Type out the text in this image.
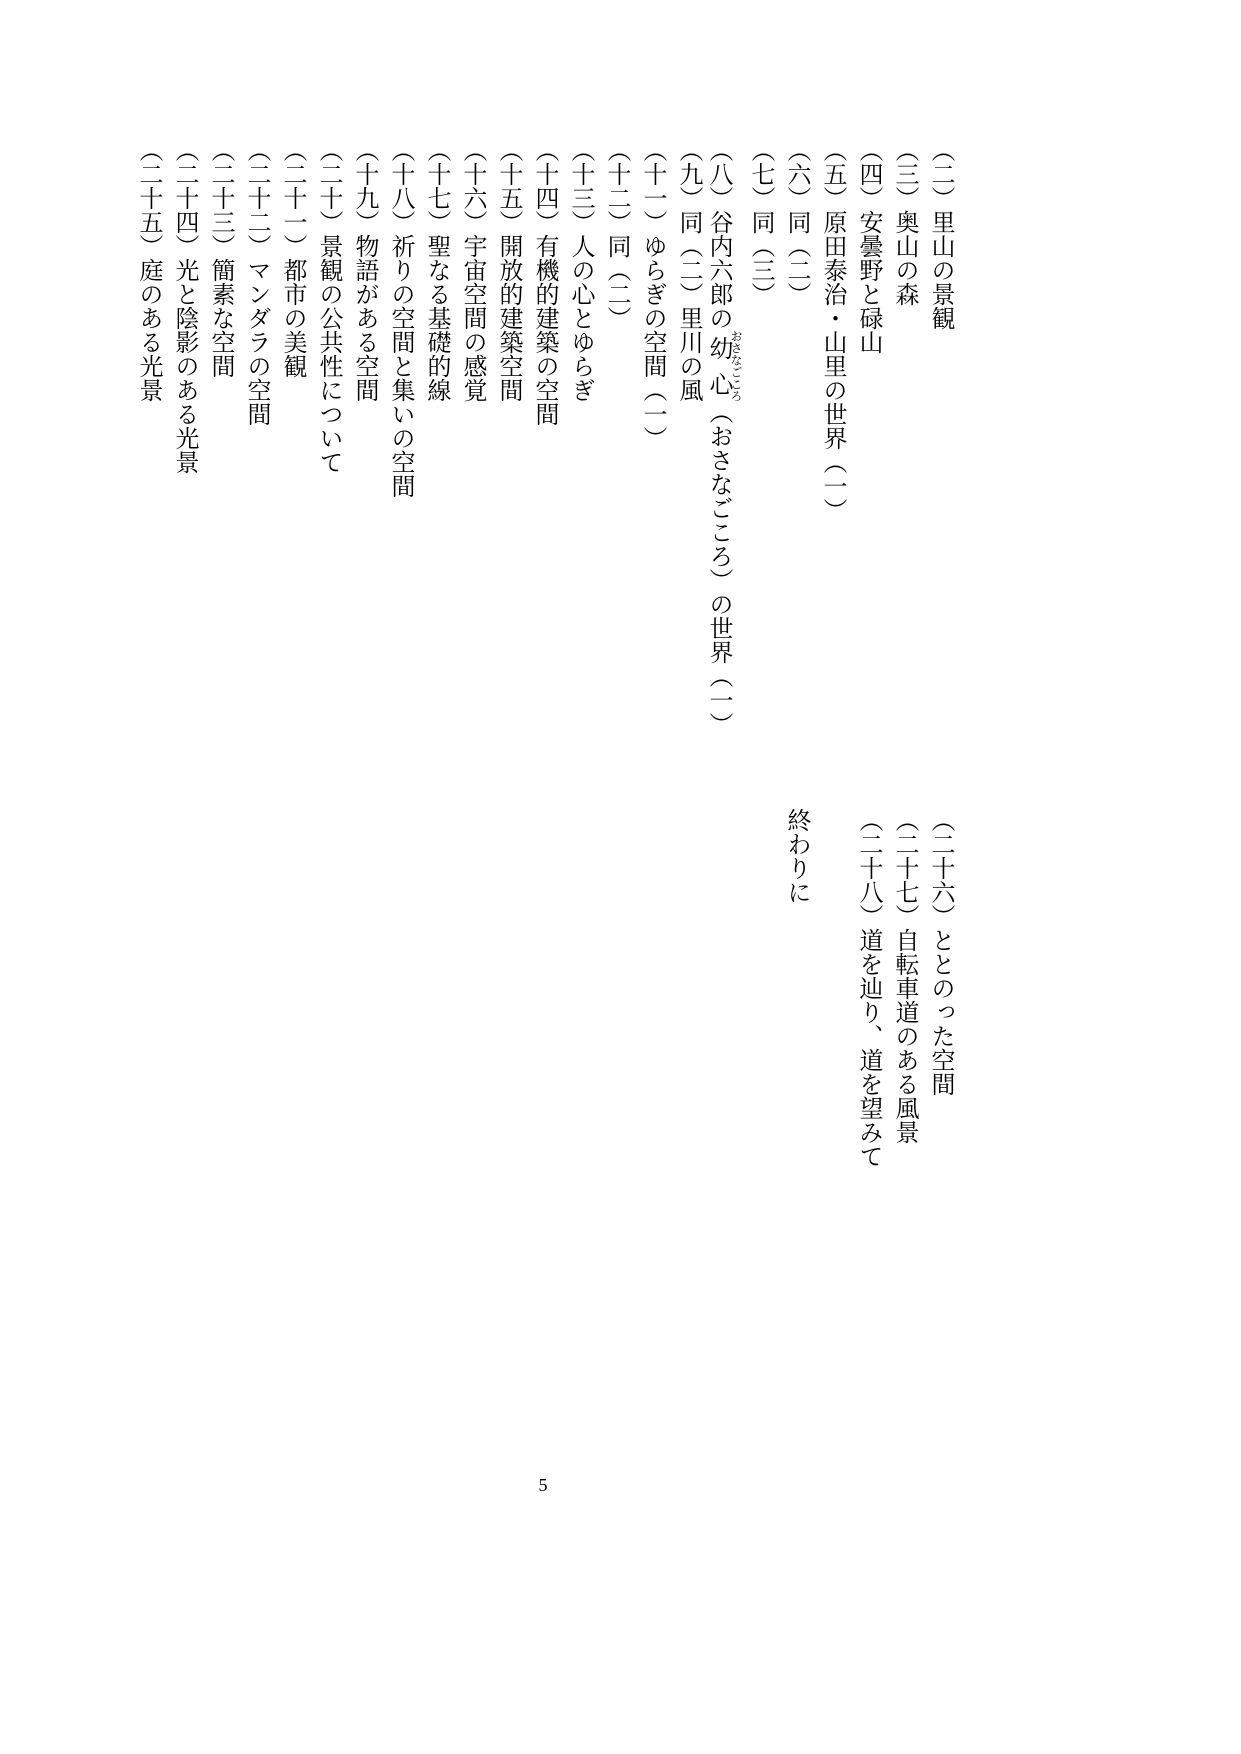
（二）里山の景観
（三）奥山の森
（四）安曇野と碌山
（五）原田泰治・山里の世界（一）
（六）同（二）
（七）同（三）
（八）谷内六郎の幼心おさなごころ（おさなごころ）の世界（一）
（九）同（二）里川の風
（十一）ゆらぎの空間（一）
（十二）同（二）
（十三）人の心とゆらぎ
（十四）有機的建築の空間
（十五）開放的建築空間
（十六）宇宙空間の感覚
（十七）聖なる基礎的線
（十八）祈りの空間と集いの空間
（十九）物語がある空間
（二十）景観の公共性について
（二十一）都市の美観
（二十二）マンダラの空間
（二十三）簡素な空間
（二十四）光と陰影のある光景
（二十五）庭のある光景
（二十六）ととのった空間
（二十七）自転車道のある風景
（二十八）道を辿り、道を望みて
終わりに
5
